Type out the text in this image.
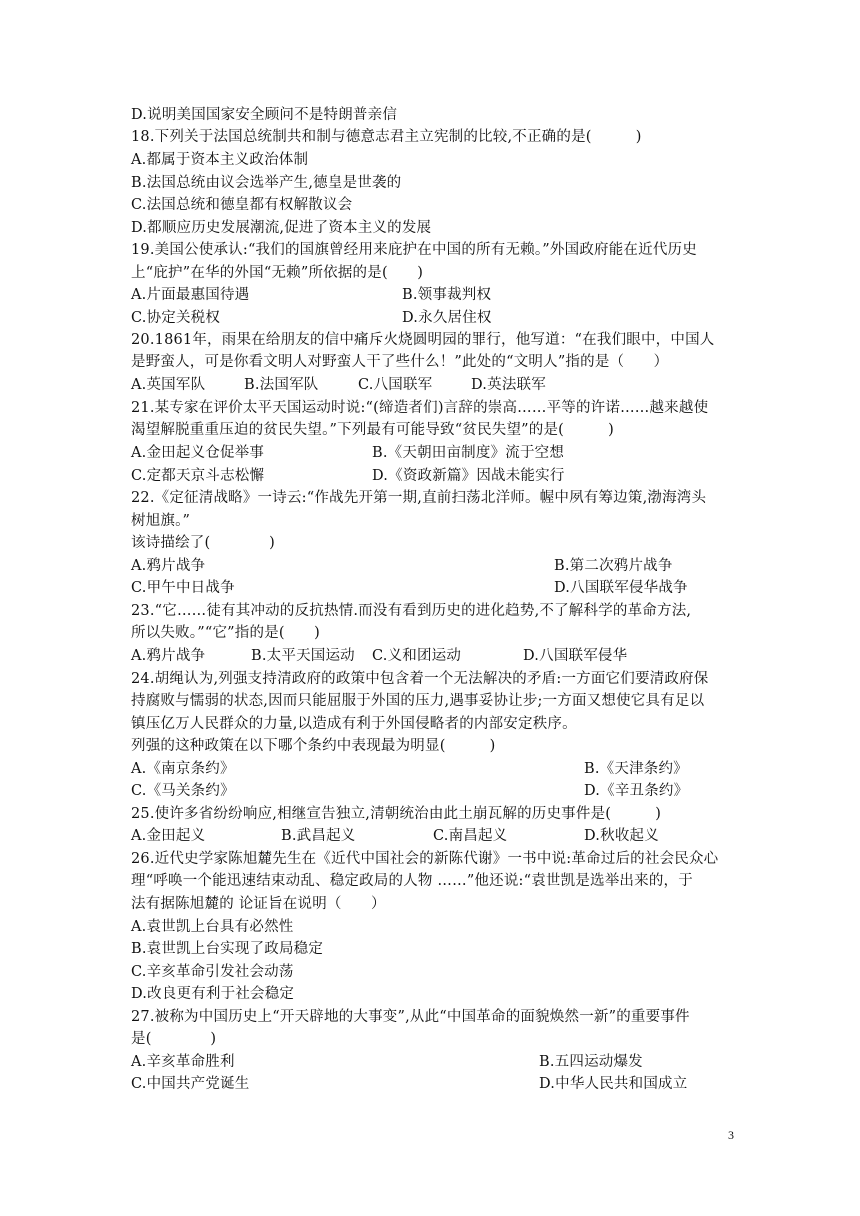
D.说明美国国家安全顾问不是特朗普亲信
18.下列关于法国总统制共和制与德意志君主立宪制的比较,不正确的是(　　　)
A.都属于资本主义政治体制
B.法国总统由议会选举产生,德皇是世袭的
C.法国总统和德皇都有权解散议会
D.都顺应历史发展潮流,促进了资本主义的发展
19.美国公使承认:“我们的国旗曾经用来庇护在中国的所有无赖。”外国政府能在近代历史
上“庇护”在华的外国“无赖”所依据的是(　　)
A.片面最惠国待遇	B.领事裁判权
C.协定关税权	D.永久居住权
20.1861年，雨果在给朋友的信中痛斥火烧圆明园的罪行，他写道：“在我们眼中，中国人
是野蛮人，可是你看文明人对野蛮人干了些什么！”此处的“文明人”指的是（　　）
A.英国军队	B.法国军队	C.八国联军	D.英法联军
21.某专家在评价太平天国运动时说:“(缔造者们)言辞的崇高……平等的许诺……越来越使
渴望解脱重重压迫的贫民失望。”下列最有可能导致“贫民失望”的是(　　　)
A.金田起义仓促举事	B.《天朝田亩制度》流于空想
C.定都天京斗志松懈	D.《资政新篇》因战未能实行
22.《定征清战略》一诗云:“作战先开第一期,直前扫荡北洋师。幄中夙有筹边策,渤海湾头
树旭旗。”
该诗描绘了(　　　　)
A.鸦片战争	B.第二次鸦片战争
C.甲午中日战争	D.八国联军侵华战争
23.“它……徒有其冲动的反抗热情.而没有看到历史的进化趋势,不了解科学的革命方法,
所以失败。”“它”指的是(　　)
A.鸦片战争	B.太平天国运动 C.义和团运动	D.八国联军侵华
24.胡绳认为,列强支持清政府的政策中包含着一个无法解决的矛盾:一方面它们要清政府保
持腐败与懦弱的状态,因而只能屈服于外国的压力,遇事妥协让步;一方面又想使它具有足以
镇压亿万人民群众的力量,以造成有利于外国侵略者的内部安定秩序。
列强的这种政策在以下哪个条约中表现最为明显(　　　)
A.《南京条约》	B.《天津条约》
C.《马关条约》	D.《辛丑条约》
25.使许多省纷纷响应,相继宣告独立,清朝统治由此土崩瓦解的历史事件是(　　　)
A.金田起义	B.武昌起义	C.南昌起义	D.秋收起义
26.近代史学家陈旭麓先生在《近代中国社会的新陈代谢》一书中说:革命过后的社会民众心
理“呼唤一个能迅速结束动乱、稳定政局的人物 ……”他还说:“袁世凯是选举出来的，于
法有据陈旭麓的 论证旨在说明（　　）
A.袁世凯上台具有必然性
B.袁世凯上台实现了政局稳定
C.辛亥革命引发社会动荡
D.改良更有利于社会稳定
27.被称为中国历史上“开天辟地的大事变”,从此“中国革命的面貌焕然一新”的重要事件
是(　　　　)
A.辛亥革命胜利	B.五四运动爆发
C.中国共产党诞生	D.中华人民共和国成立
3
